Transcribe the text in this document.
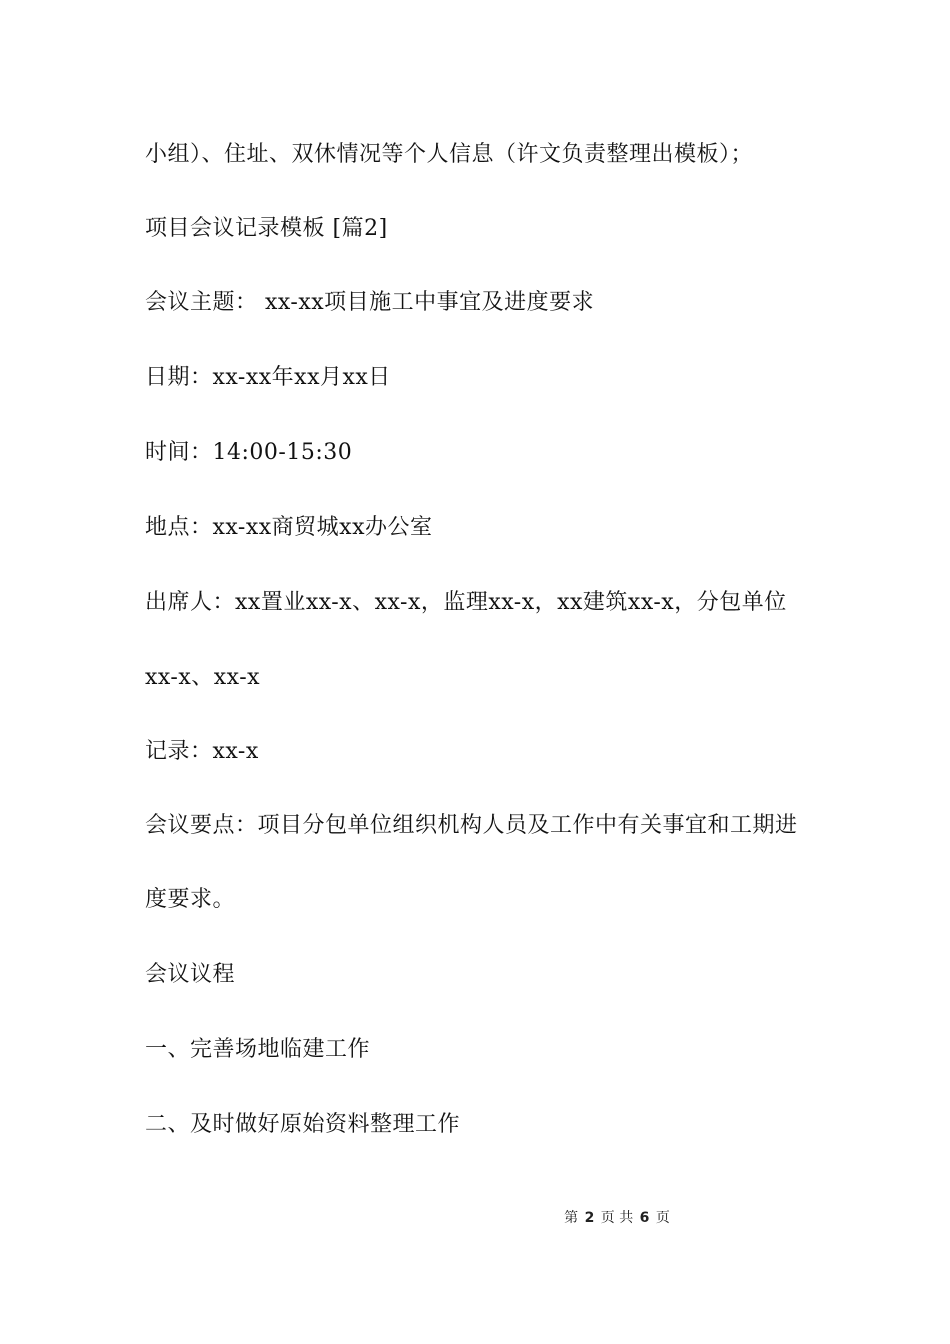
小组）、住址、双休情况等个人信息（许文负责整理出模板）；
项目会议记录模板 [篇2]
会议主题： xx-xx项目施工中事宜及进度要求
日期：xx-xx年xx月xx日
时间：14:00-15:30
地点：xx-xx商贸城xx办公室
出席人：xx置业xx-x、xx-x，监理xx-x，xx建筑xx-x，分包单位
xx-x、xx-x
记录：xx-x
会议要点：项目分包单位组织机构人员及工作中有关事宜和工期进
度要求。
会议议程
一、完善场地临建工作
二、及时做好原始资料整理工作
第 2 页 共 6 页
